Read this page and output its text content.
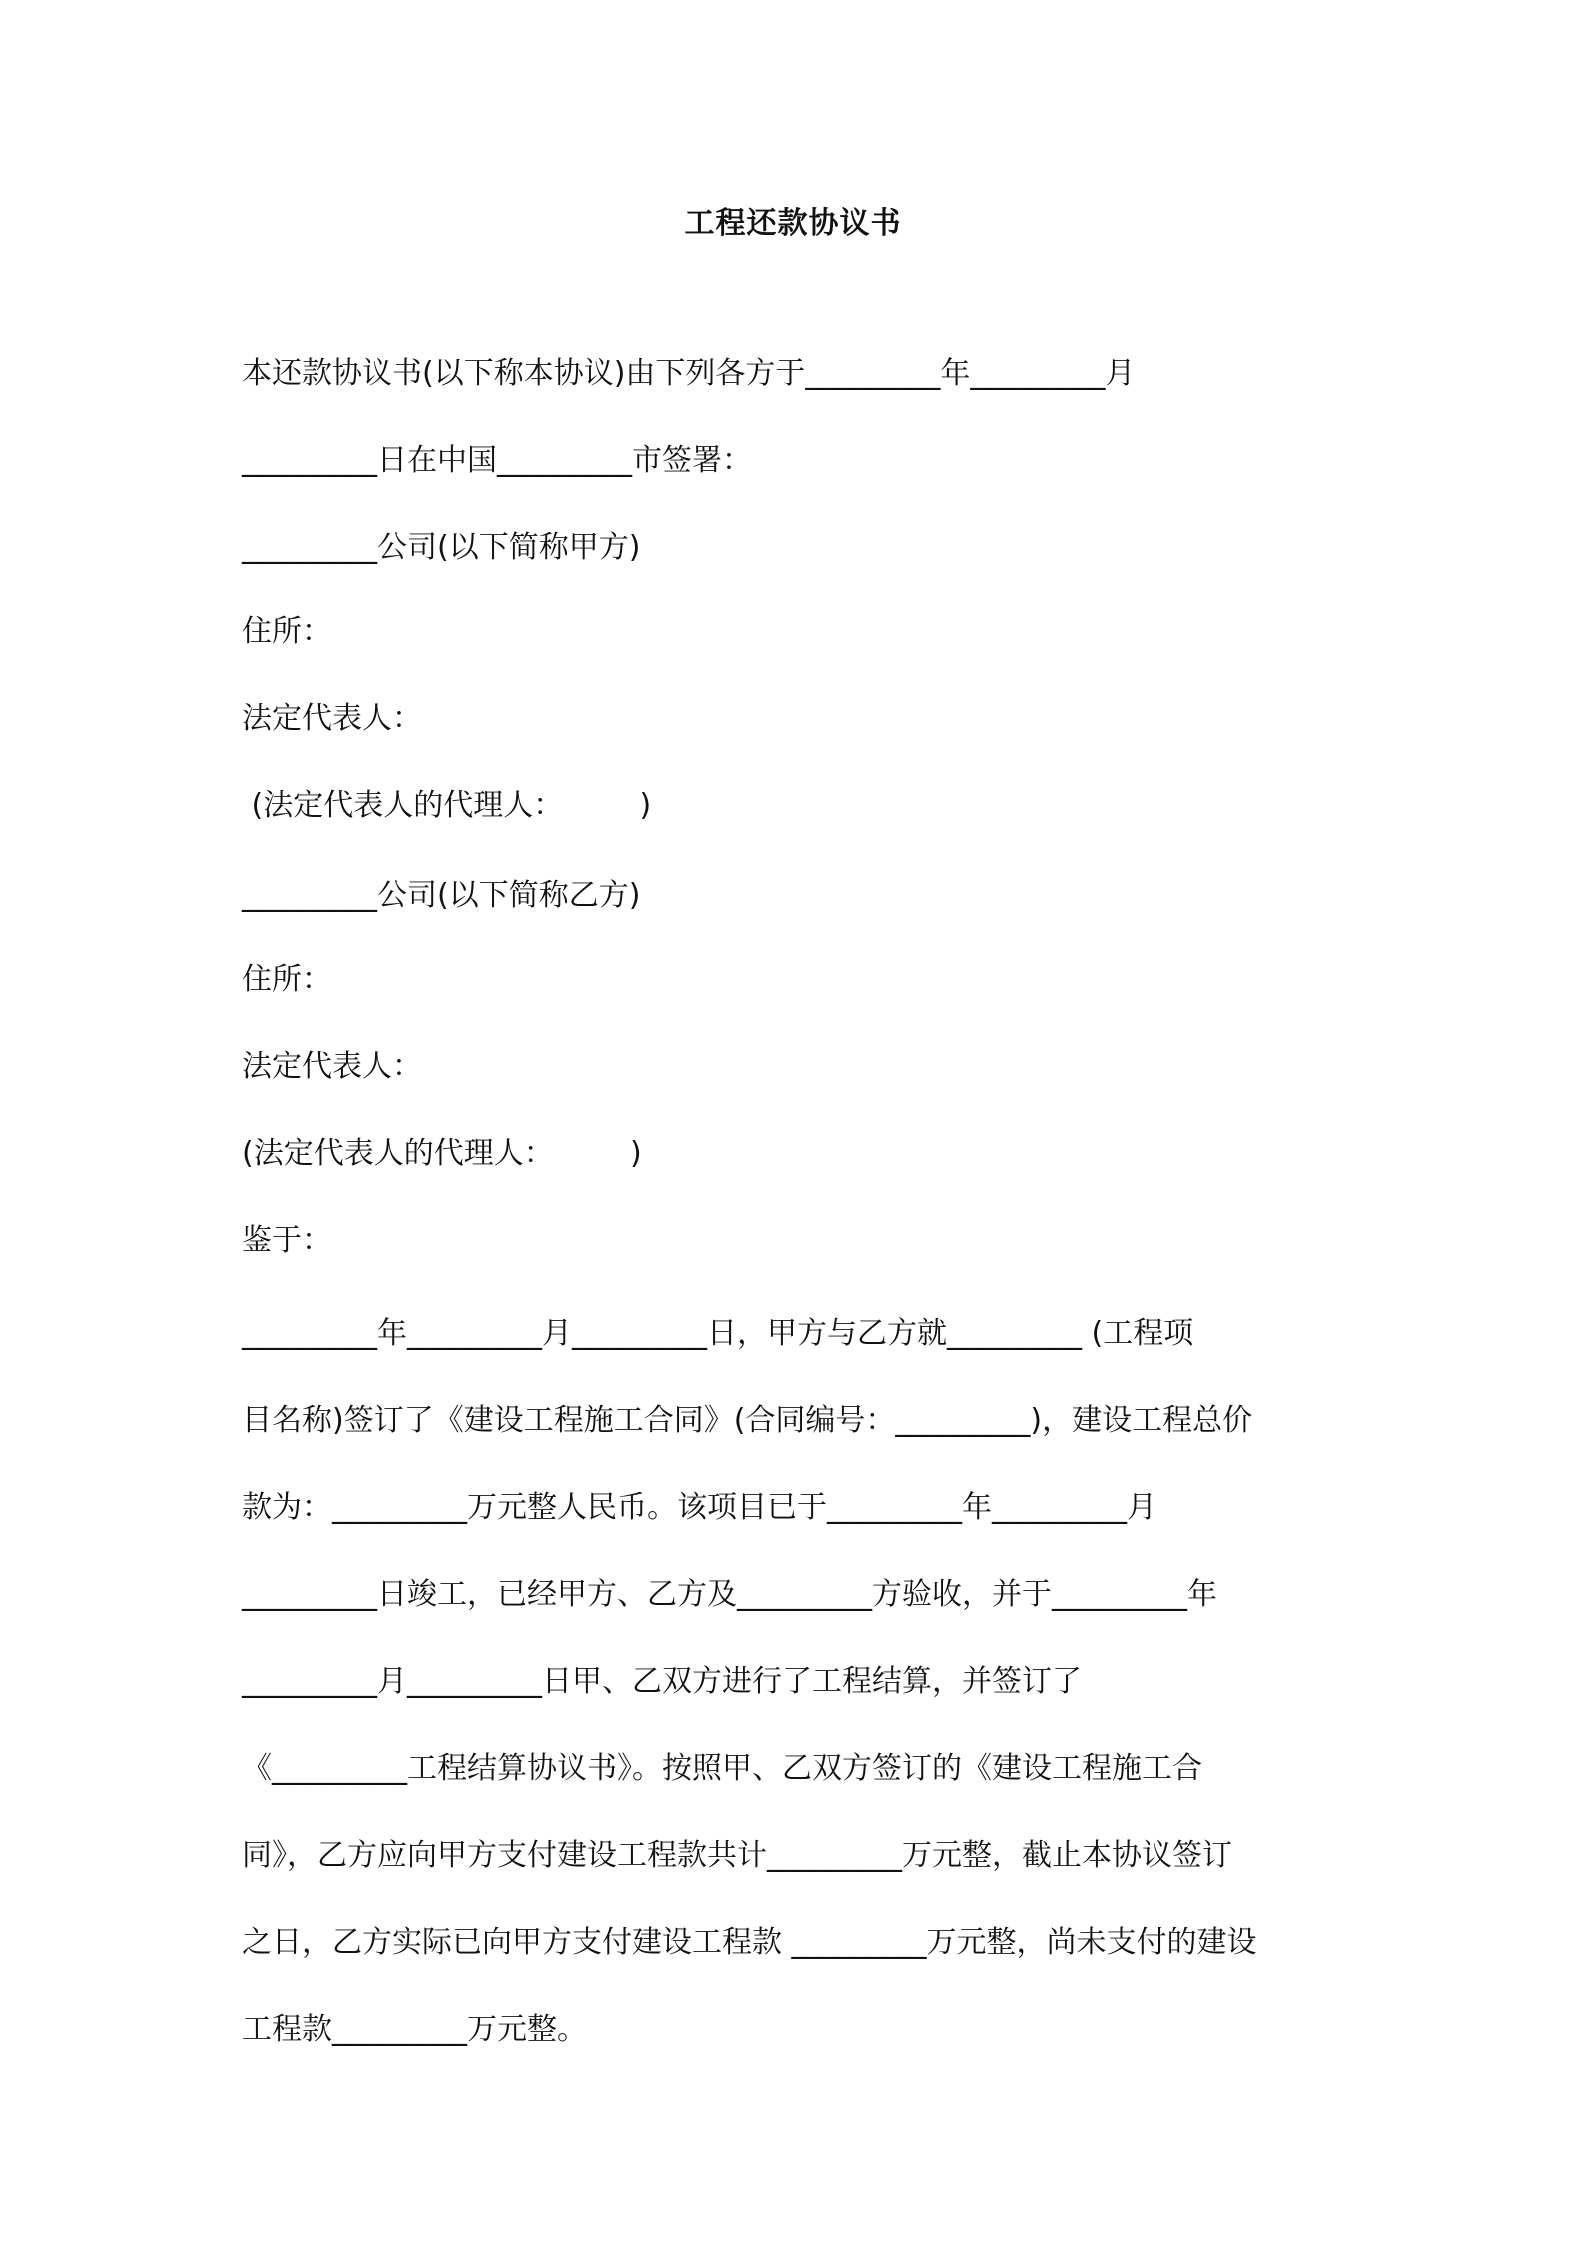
工程还款协议书
本还款协议书(以下称本协议)由下列各方于_________年_________月
_________日在中国_________市签署：
_________公司(以下简称甲方)
住所：
法定代表人：
(法定代表人的代理人：        )
_________公司(以下简称乙方)
住所：
法定代表人：
(法定代表人的代理人：        )
鉴于：
_________年_________月_________日，甲方与乙方就_________ (工程项
目名称)签订了《建设工程施工合同》(合同编号：_________)，建设工程总价
款为：_________万元整人民币。该项目已于_________年_________月
_________日竣工，已经甲方、乙方及_________方验收，并于_________年
_________月_________日甲、乙双方进行了工程结算，并签订了
《_________工程结算协议书》。按照甲、乙双方签订的《建设工程施工合
同》，乙方应向甲方支付建设工程款共计_________万元整，截止本协议签订
之日，乙方实际已向甲方支付建设工程款 _________万元整，尚未支付的建设
工程款_________万元整。
